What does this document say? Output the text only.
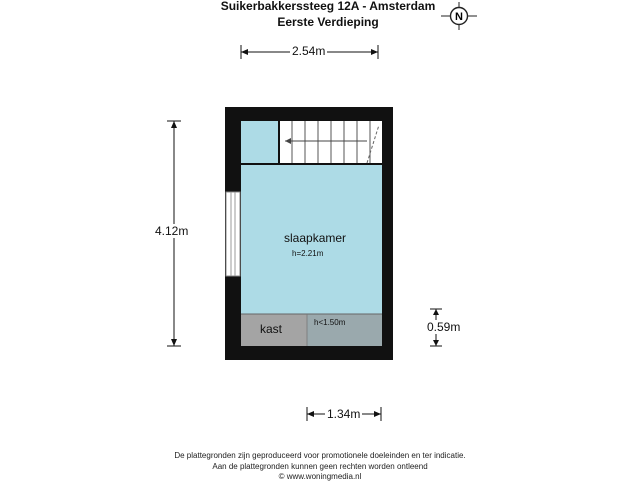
Suikerbakkerssteeg 12A - Amsterdam
Eerste Verdieping	N
2.54m
4.12m
0.59m
1.34m
slaapkamer
h=2.21m
kast	h<1.50m
De plattegronden zijn geproduceerd voor promotionele doeleinden en ter indicatie.
Aan de plattegronden kunnen geen rechten worden ontleend
© www.woningmedia.nl
